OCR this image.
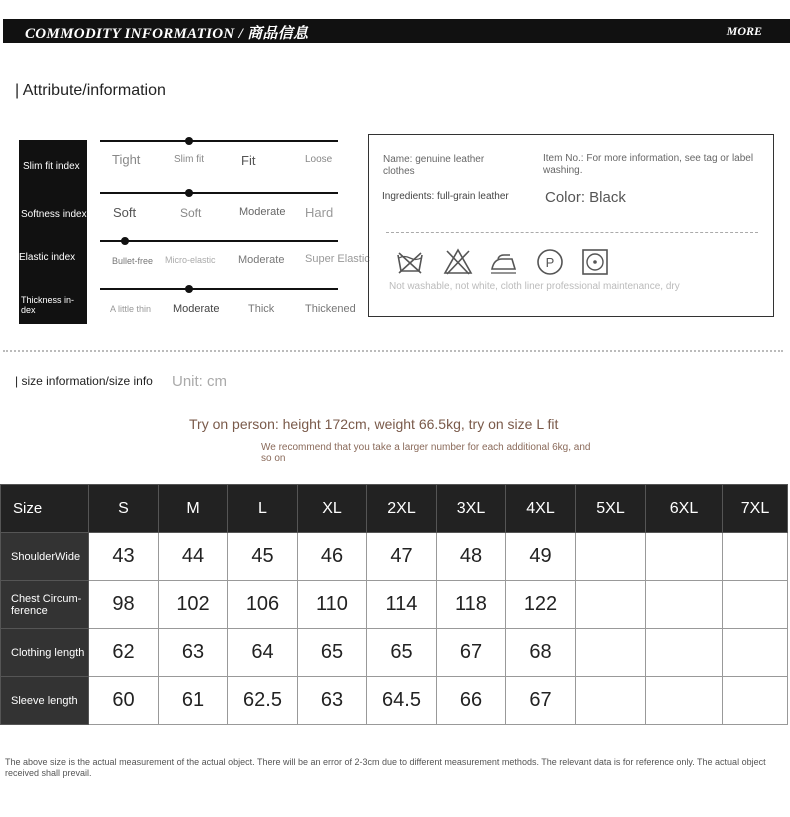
COMMODITY INFORMATION / 商品信息	MORE
| Attribute/information
Slim fit index
Softness index
Elastic index
Thickness in-dex
Tight	Slim fit	Fit	Loose
Soft	Soft	Moderate Hard
Bullet-free Micro-elastic Moderate Super Elastic
A little thin Moderate	Thick	Thickened
Name: genuine leather clothes
Item No.: For more information, see tag or label washing.
Ingredients: full-grain leather	Color: Black
P
Not washable, not white, cloth liner professional maintenance, dry
| size information/size info Unit: cm
Try on person: height 172cm, weight 66.5kg, try on size L fit
We recommend that you take a larger number for each additional 6kg, and so on
Size	S	M	L	XL	2XL	3XL	4XL	5XL	6XL	7XL
ShoulderWide	43	44	45	46	47	48	49			
Chest Circum-ference	98	102	106	110	114	118	122			
Clothing length	62	63	64	65	65	67	68			
Sleeve length	60	61	62.5	63	64.5	66	67			
The above size is the actual measurement of the actual object. There will be an error of 2-3cm due to different measurement methods. The relevant data is for reference only. The actual object received shall prevail.
